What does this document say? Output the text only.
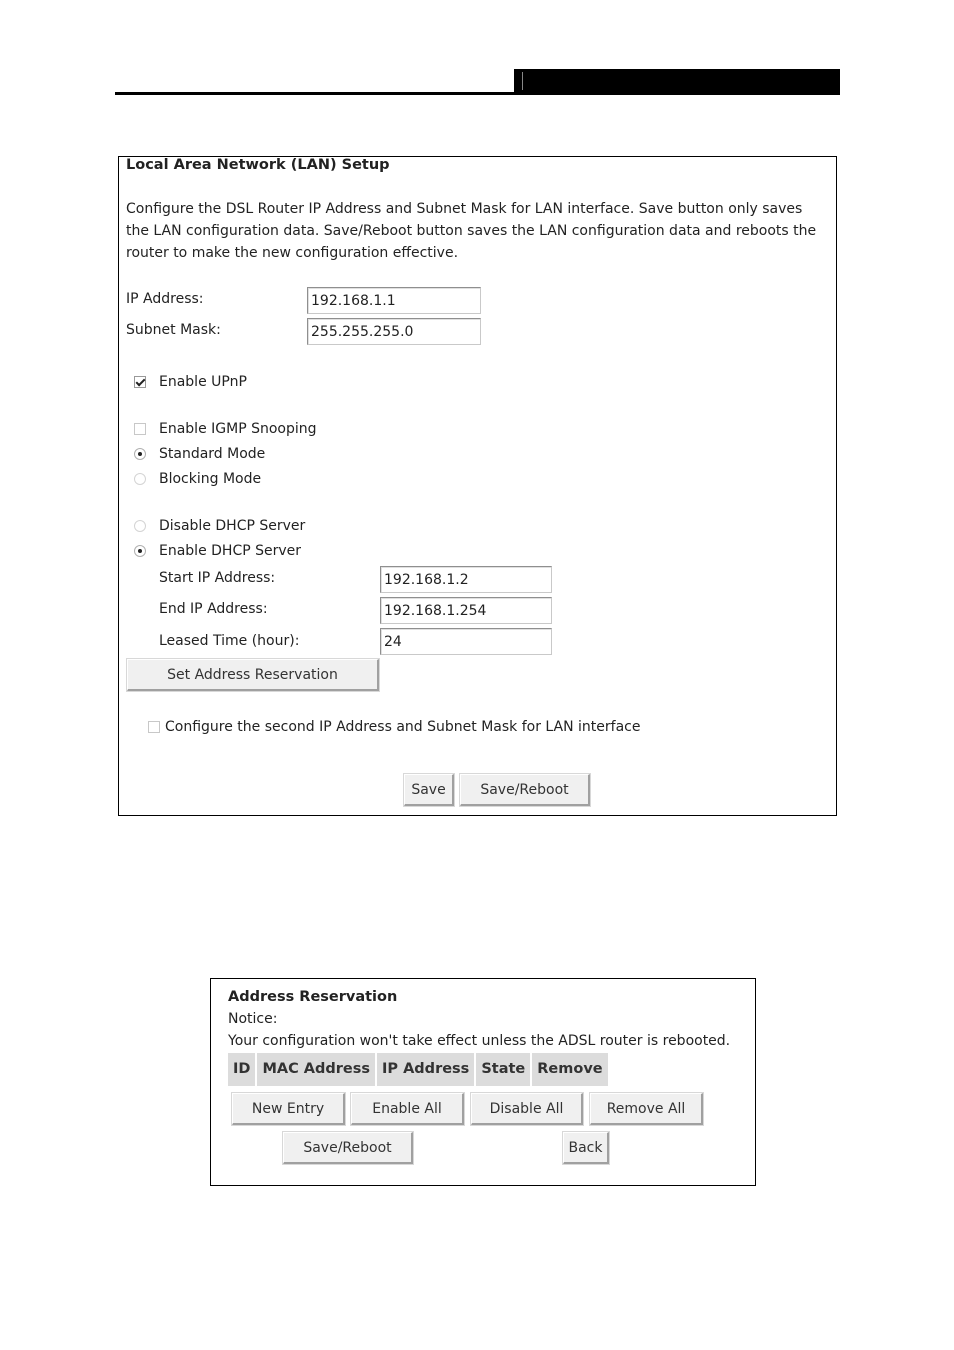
Local Area Network (LAN) Setup
Configure the DSL Router IP Address and Subnet Mask for LAN interface. Save button only saves the LAN configuration data. Save/Reboot button saves the LAN configuration data and reboots the router to make the new configuration effective.
IP Address:
192.168.1.1
Subnet Mask:
255.255.255.0
Enable UPnP
Enable IGMP Snooping
Standard Mode
Blocking Mode
Disable DHCP Server
Enable DHCP Server
Start IP Address:
192.168.1.2
End IP Address:
192.168.1.254
Leased Time (hour):
24
Set Address Reservation
Configure the second IP Address and Subnet Mask for LAN interface
Save	Save/Reboot
Address Reservation
Notice:
Your configuration won't take effect unless the ADSL router is rebooted.
ID MAC Address IP Address State Remove
New Entry	Enable All	Disable All	Remove All
Save/Reboot	Back
